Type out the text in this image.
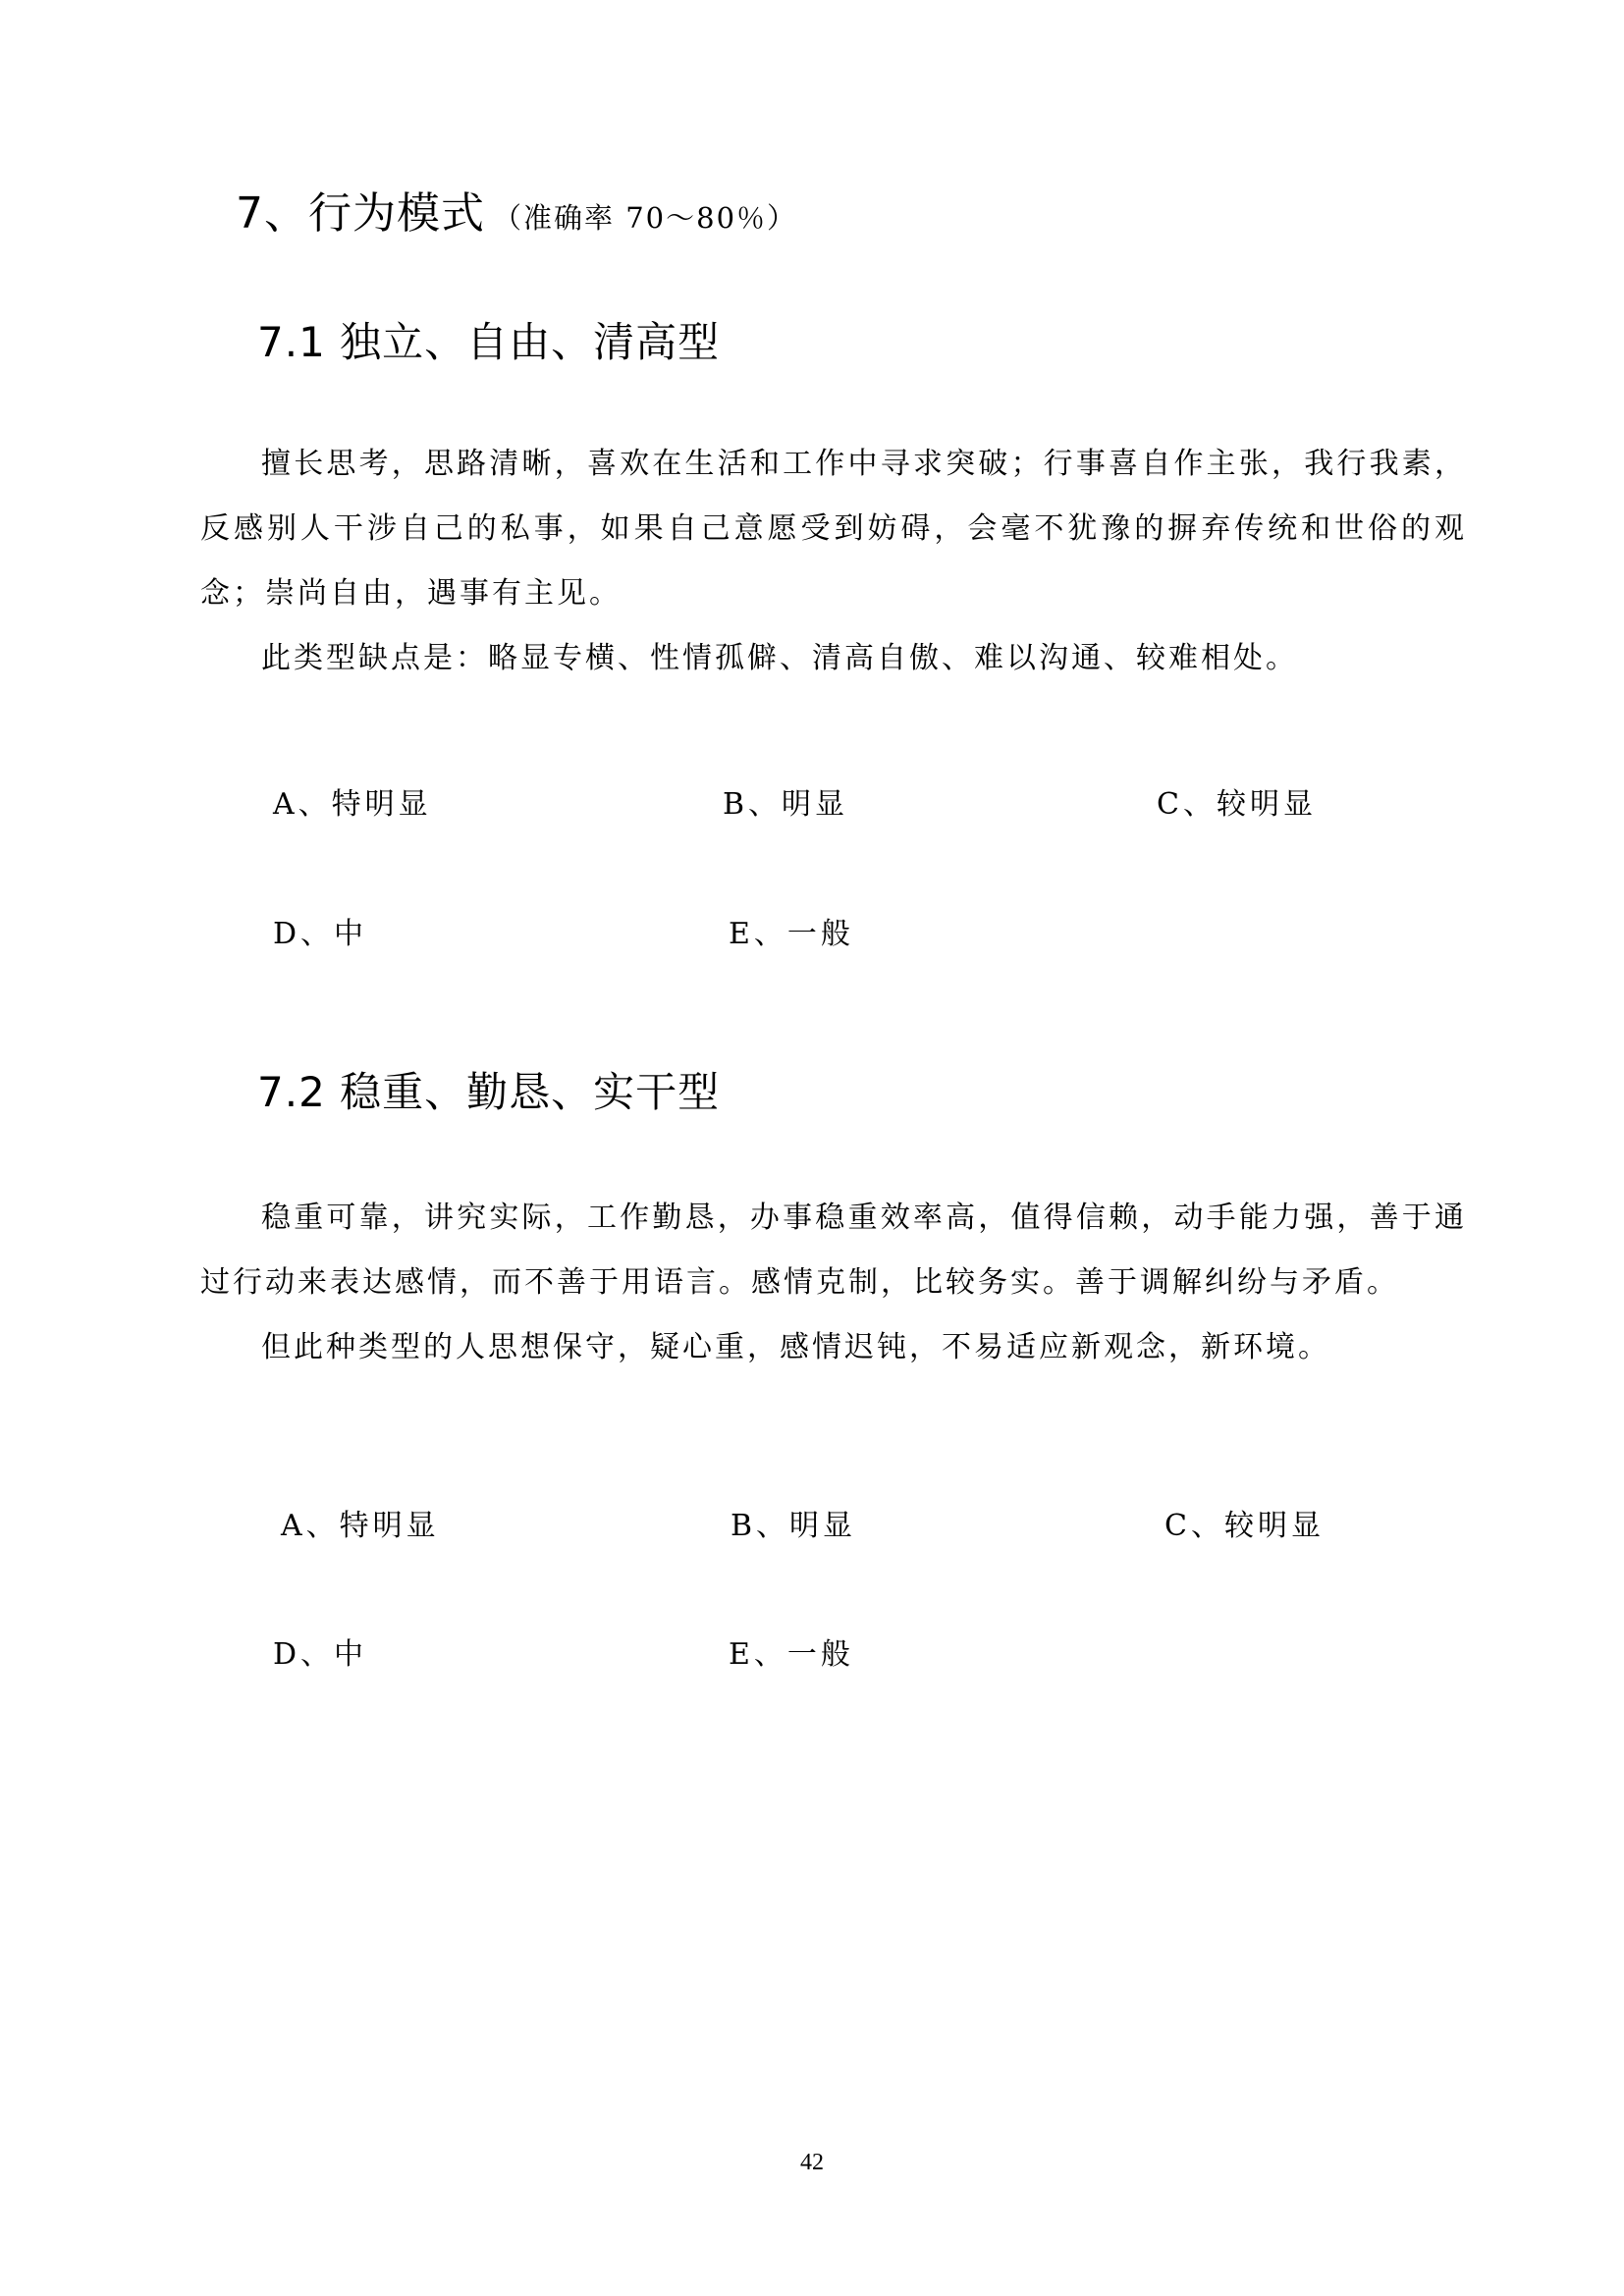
7、行为模式 （准确率 70～80％）
7.1 独立、自由、清高型

擅长思考，思路清晰，喜欢在生活和工作中寻求突破；行事喜自作主张，我行我素，反感别人干涉自己的私事，如果自己意愿受到妨碍，会毫不犹豫的摒弃传统和世俗的观念；崇尚自由，遇事有主见。

此类型缺点是：略显专横、性情孤僻、清高自傲、难以沟通、较难相处。

A、特明显	B、明显	C、较明显
D、中	E、一般
7.2 稳重、勤恳、实干型

稳重可靠，讲究实际，工作勤恳，办事稳重效率高，值得信赖，动手能力强，善于通过行动来表达感情，而不善于用语言。感情克制，比较务实。善于调解纠纷与矛盾。

但此种类型的人思想保守，疑心重，感情迟钝，不易适应新观念，新环境。

A、特明显	B、明显	C、较明显
D、中	E、一般
42
